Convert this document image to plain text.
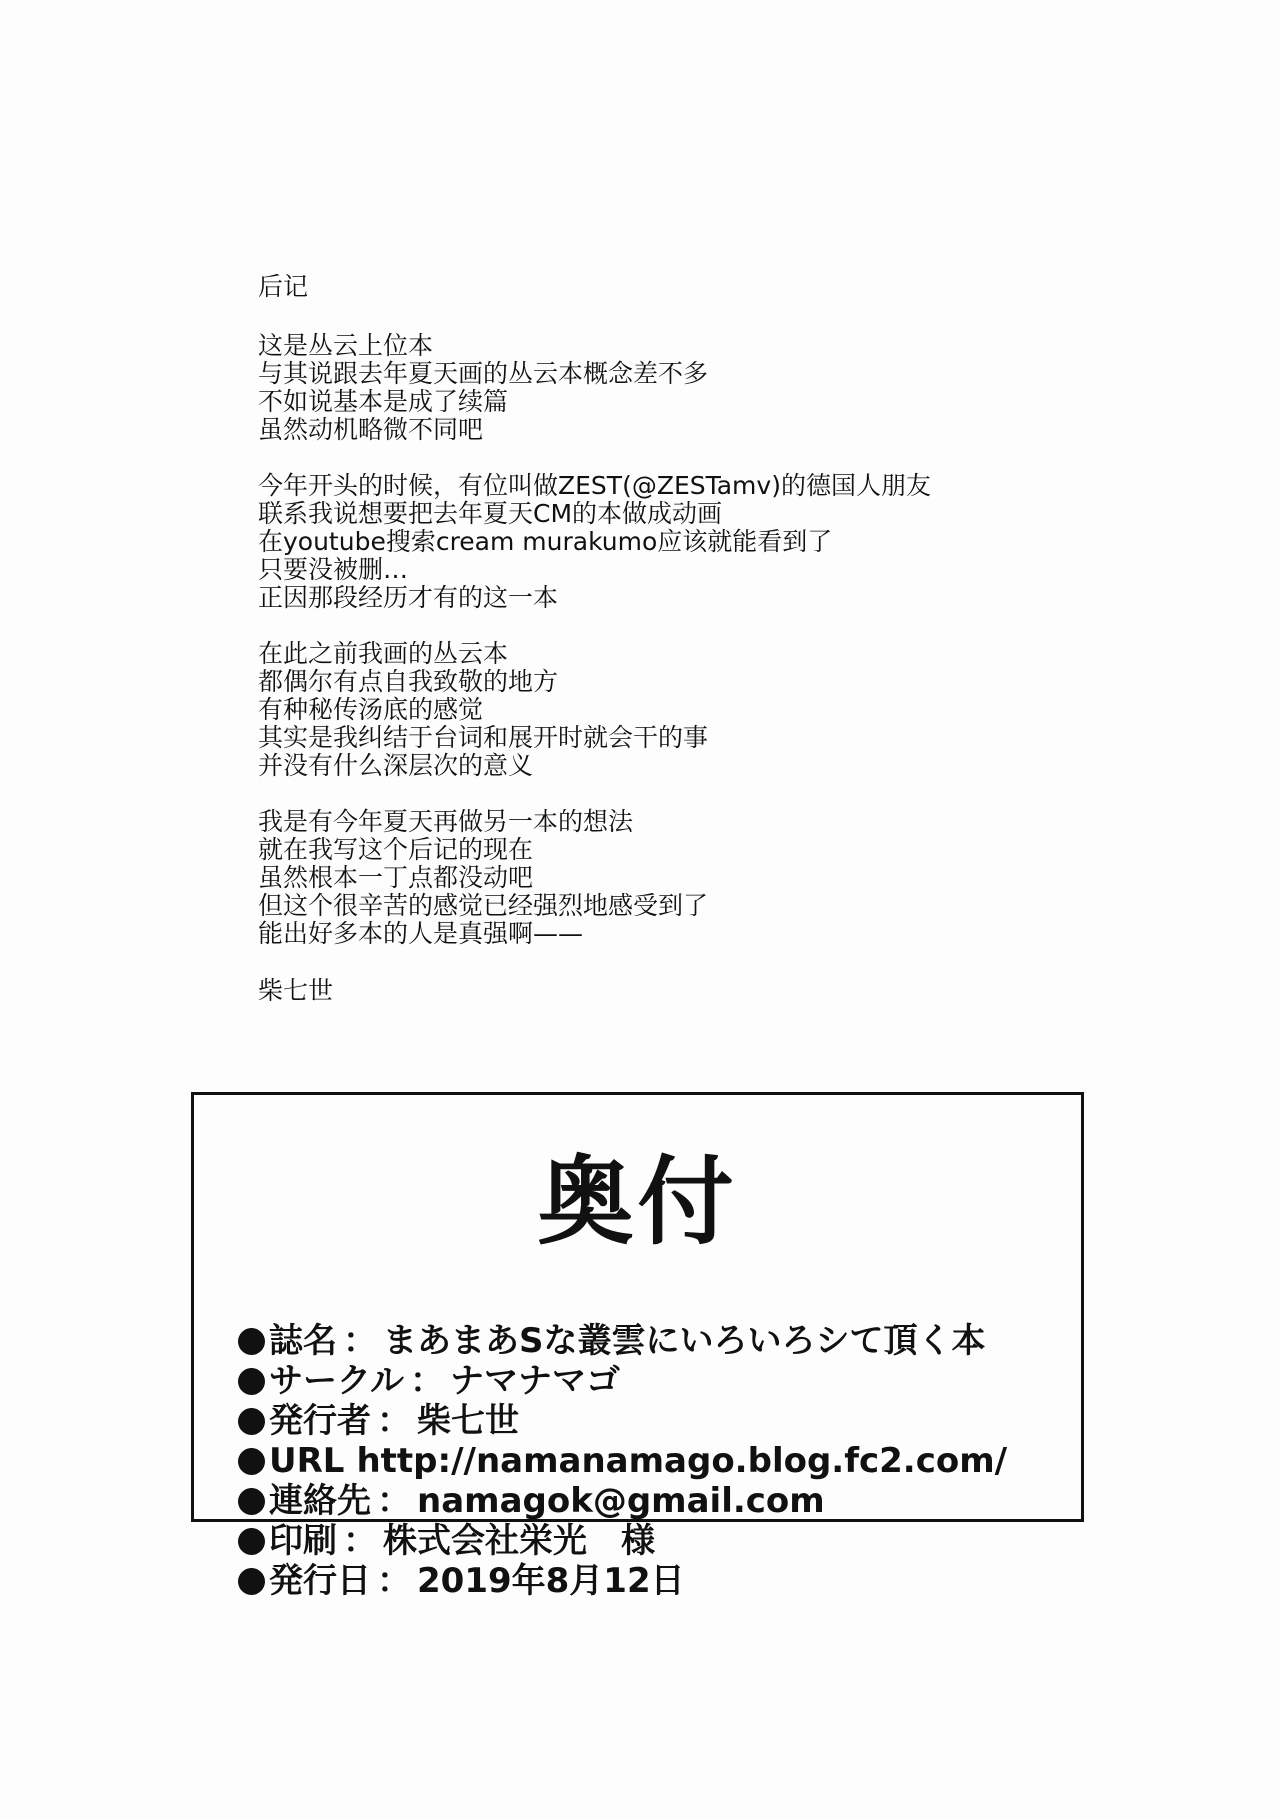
后记
这是丛云上位本
与其说跟去年夏天画的丛云本概念差不多
不如说基本是成了续篇
虽然动机略微不同吧
今年开头的时候，有位叫做ZEST(@ZESTamv)的德国人朋友
联系我说想要把去年夏天CM的本做成动画
在youtube搜索cream murakumo应该就能看到了
只要没被删…
正因那段经历才有的这一本
在此之前我画的丛云本
都偶尔有点自我致敬的地方
有种秘传汤底的感觉
其实是我纠结于台词和展开时就会干的事
并没有什么深层次的意义
我是有今年夏天再做另一本的想法
就在我写这个后记的现在
虽然根本一丁点都没动吧
但这个很辛苦的感觉已经强烈地感受到了
能出好多本的人是真强啊——
柴七世
奥付
誌名 ： まあまあSな叢雲にいろいろシて頂く本
サークル ： ナマナマゴ
発行者 ： 柴七世
URL http://namanamago.blog.fc2.com/
連絡先 ： namagok@gmail.com
印刷 ： 株式会社栄光　様
発行日 ： 2019年8月12日
